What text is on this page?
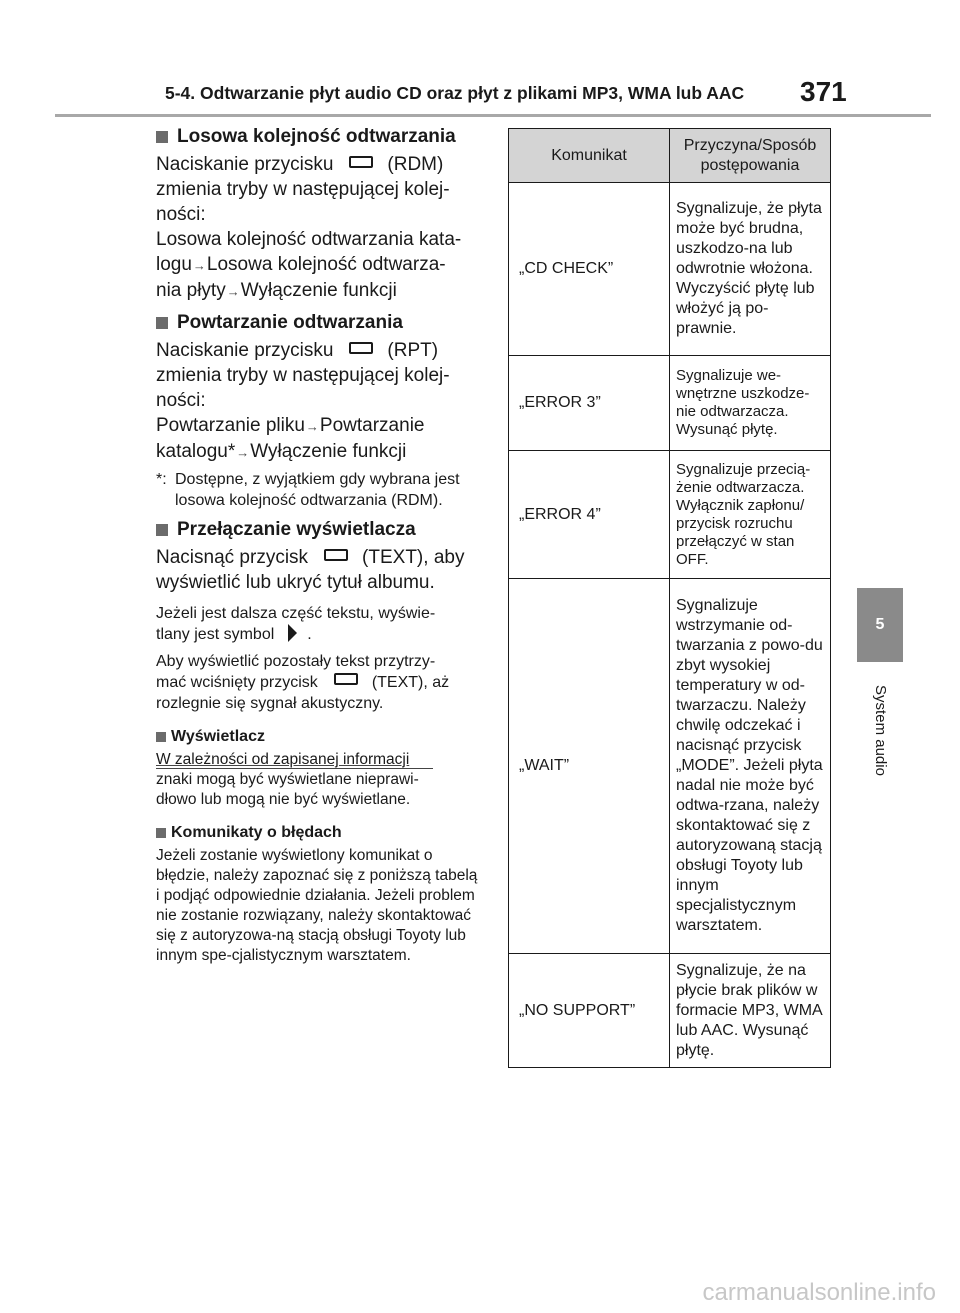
5-4. Odtwarzanie płyt audio CD oraz płyt z plikami MP3, WMA lub AAC 371
5
System audio
Losowa kolejność odtwarzania
Naciskanie przycisku	(RDM)
zmienia tryby w następującej kolej-
ności:
Losowa kolejność odtwarzania kata-
logu→Losowa kolejność odtwarza-
nia płyty→Wyłączenie funkcji
Powtarzanie odtwarzania
Naciskanie przycisku	(RPT)
zmienia tryby w następującej kolej-
ności:
Powtarzanie pliku→Powtarzanie
katalogu*→Wyłączenie funkcji
*: Dostępne, z wyjątkiem gdy wybrana jest losowa kolejność odtwarzania (RDM).
Przełączanie wyświetlacza
Nacisnąć przycisk	(TEXT), aby
wyświetlić lub ukryć tytuł albumu.
Jeżeli jest dalsza część tekstu, wyświe-
tlany jest symbol .
Aby wyświetlić pozostały tekst przytrzy-
mać wciśnięty przycisk	(TEXT), aż
rozlegnie się sygnał akustyczny.
Wyświetlacz
W zależności od zapisanej informacji
znaki mogą być wyświetlane nieprawi-
dłowo lub mogą nie być wyświetlane.
Komunikaty o błędach
Jeżeli zostanie wyświetlony komunikat o błędzie, należy zapoznać się z poniższą tabelą i podjąć odpowiednie działania. Jeżeli problem nie zostanie rozwiązany, należy skontaktować się z autoryzowa-ną stacją obsługi Toyoty lub innym spe-cjalistycznym warsztatem.
Komunikat	Przyczyna/Sposób postępowania
„CD CHECK”	Sygnalizuje, że płyta może być brudna, uszkodzo-na lub odwrotnie włożona. Wyczyścić płytę lub włożyć ją po-prawnie.
„ERROR 3”	Sygnalizuje we-wnętrzne uszkodze-nie odtwarzacza. Wysunąć płytę.
„ERROR 4”	Sygnalizuje przecią-żenie odtwarzacza. Wyłącznik zapłonu/ przycisk rozruchu przełączyć w stan OFF.
„WAIT”	Sygnalizuje wstrzymanie od-twarzania z powo-du zbyt wysokiej temperatury w od-twarzaczu. Należy chwilę odczekać i nacisnąć przycisk „MODE”. Jeżeli płyta nadal nie może być odtwa-rzana, należy skontaktować się z autoryzowaną stacją obsługi Toyoty lub innym specjalistycznym warsztatem.
„NO SUPPORT”	Sygnalizuje, że na płycie brak plików w formacie MP3, WMA lub AAC. Wysunąć płytę.
carmanualsonline.info
